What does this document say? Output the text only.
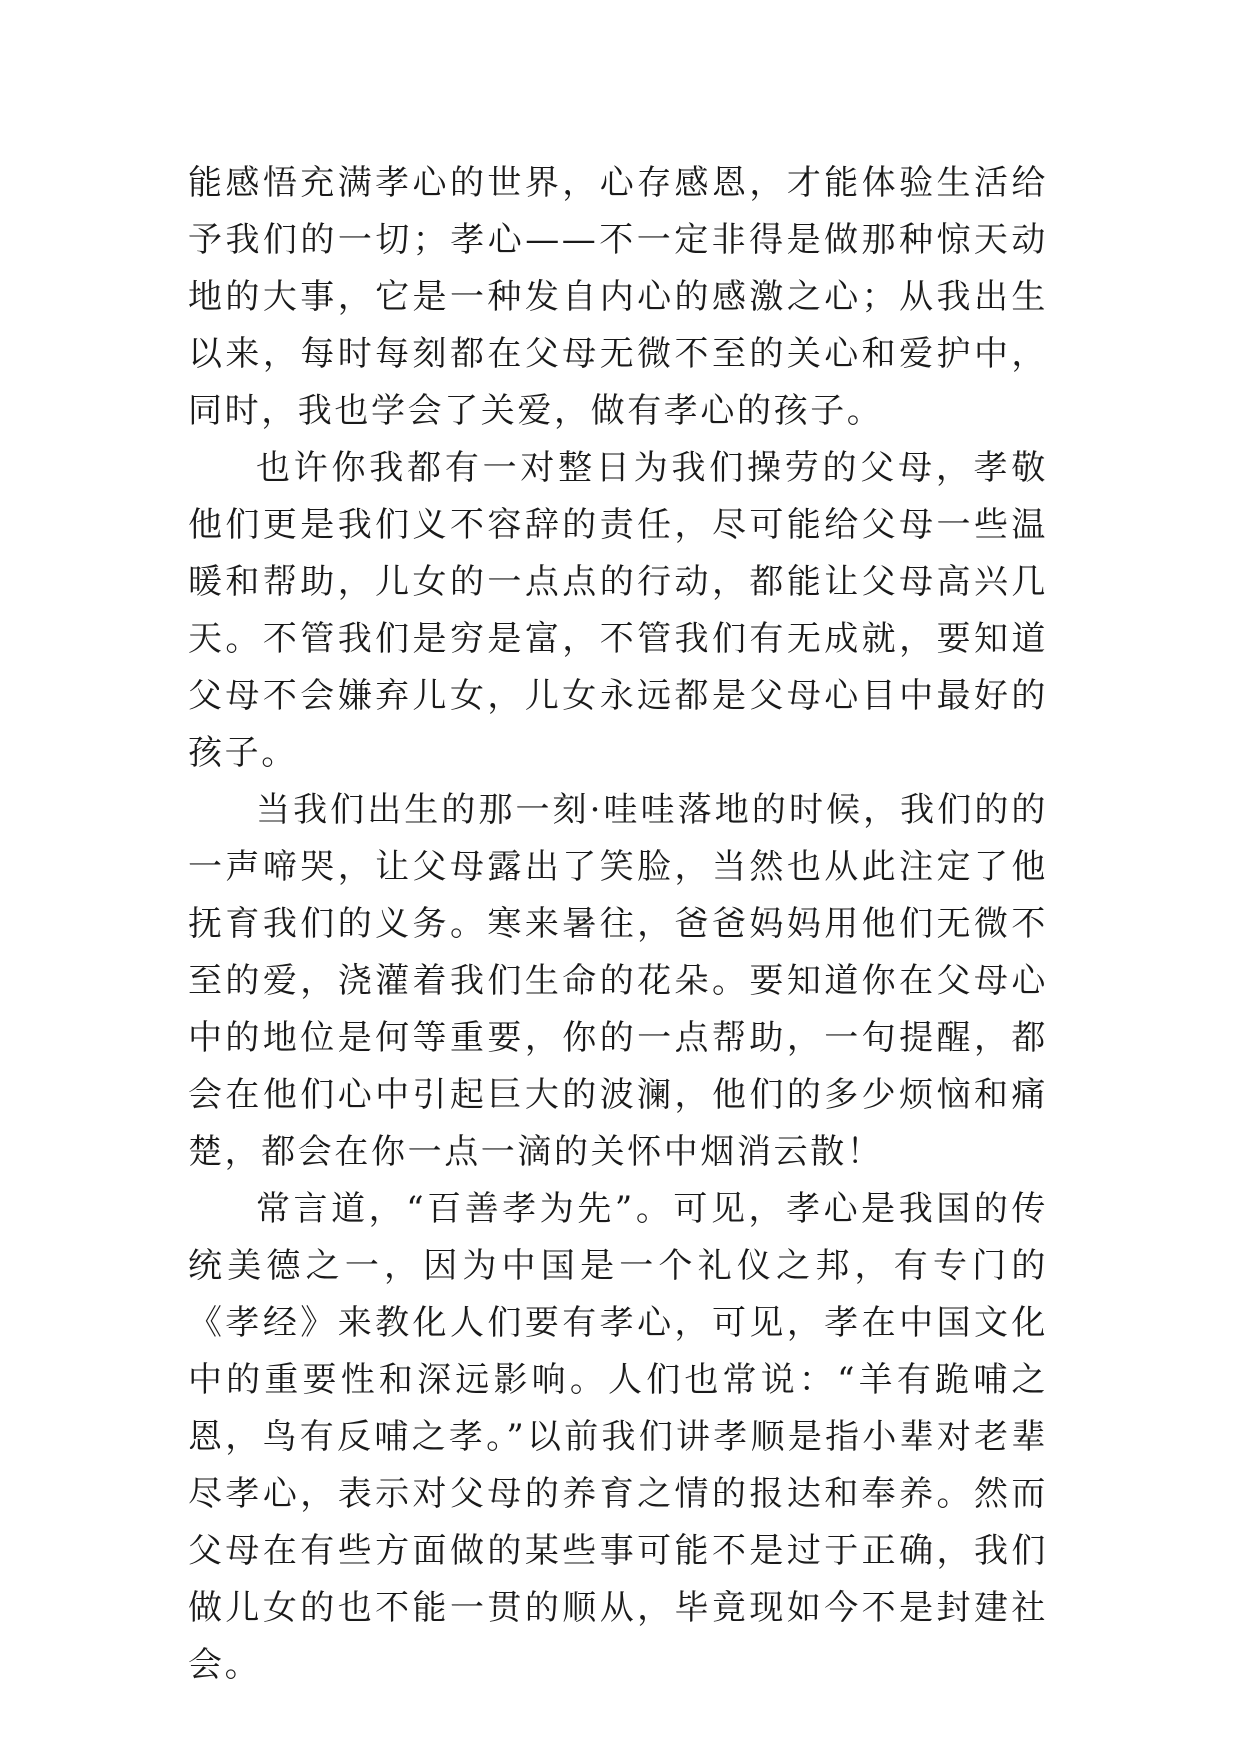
能感悟充满孝心的世界，心存感恩，才能体验生活给予我们的一切；孝心——不一定非得是做那种惊天动地的大事，它是一种发自内心的感激之心；从我出生以来，每时每刻都在父母无微不至的关心和爱护中，同时，我也学会了关爱，做有孝心的孩子。

也许你我都有一对整日为我们操劳的父母，孝敬他们更是我们义不容辞的责任，尽可能给父母一些温暖和帮助，儿女的一点点的行动，都能让父母高兴几天。不管我们是穷是富，不管我们有无成就，要知道父母不会嫌弃儿女，儿女永远都是父母心目中最好的孩子。

当我们出生的那一刻·哇哇落地的时候，我们的的一声啼哭，让父母露出了笑脸，当然也从此注定了他抚育我们的义务。寒来暑往，爸爸妈妈用他们无微不至的爱，浇灌着我们生命的花朵。要知道你在父母心中的地位是何等重要，你的一点帮助，一句提醒，都会在他们心中引起巨大的波澜，他们的多少烦恼和痛楚，都会在你一点一滴的关怀中烟消云散！

常言道，“百善孝为先”。可见，孝心是我国的传统美德之一，因为中国是一个礼仪之邦，有专门的《孝经》来教化人们要有孝心，可见，孝在中国文化中的重要性和深远影响。人们也常说：“羊有跪哺之恩，鸟有反哺之孝。”以前我们讲孝顺是指小辈对老辈尽孝心，表示对父母的养育之情的报达和奉养。然而父母在有些方面做的某些事可能不是过于正确，我们做儿女的也不能一贯的顺从，毕竟现如今不是封建社会。
